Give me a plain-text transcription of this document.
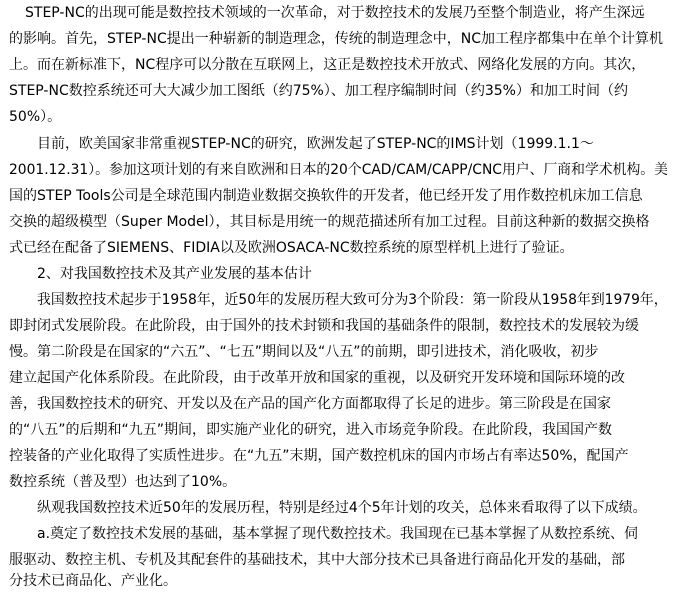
STEP-NC的出现可能是数控技术领域的一次革命，对于数控技术的发展乃至整个制造业，将产生深远
的影响。首先，STEP-NC提出一种崭新的制造理念，传统的制造理念中，NC加工程序都集中在单个计算机
上。而在新标准下，NC程序可以分散在互联网上，这正是数控技术开放式、网络化发展的方向。其次，
STEP-NC数控系统还可大大减少加工图纸（约75%）、加工程序编制时间（约35%）和加工时间（约
50%）。
目前，欧美国家非常重视STEP-NC的研究，欧洲发起了STEP-NC的IMS计划（1999.1.1～
2001.12.31）。参加这项计划的有来自欧洲和日本的20个CAD/CAM/CAPP/CNC用户、厂商和学术机构。美
国的STEP Tools公司是全球范围内制造业数据交换软件的开发者，他已经开发了用作数控机床加工信息
交换的超级模型（Super Model），其目标是用统一的规范描述所有加工过程。目前这种新的数据交换格
式已经在配备了SIEMENS、FIDIA以及欧洲OSACA-NC数控系统的原型样机上进行了验证。
2、对我国数控技术及其产业发展的基本估计
我国数控技术起步于1958年，近50年的发展历程大致可分为3个阶段：第一阶段从1958年到1979年，
即封闭式发展阶段。在此阶段，由于国外的技术封锁和我国的基础条件的限制，数控技术的发展较为缓
慢。第二阶段是在国家的“六五”、“七五”期间以及“八五”的前期，即引进技术，消化吸收，初步
建立起国产化体系阶段。在此阶段，由于改革开放和国家的重视，以及研究开发环境和国际环境的改
善，我国数控技术的研究、开发以及在产品的国产化方面都取得了长足的进步。第三阶段是在国家
的“八五”的后期和“九五”期间，即实施产业化的研究，进入市场竞争阶段。在此阶段，我国国产数
控装备的产业化取得了实质性进步。在“九五”末期，国产数控机床的国内市场占有率达50%，配国产
数控系统（普及型）也达到了10%。
纵观我国数控技术近50年的发展历程，特别是经过4个5年计划的攻关，总体来看取得了以下成绩。
a.奠定了数控技术发展的基础，基本掌握了现代数控技术。我国现在已基本掌握了从数控系统、伺
服驱动、数控主机、专机及其配套件的基础技术，其中大部分技术已具备进行商品化开发的基础，部
分技术已商品化、产业化。
